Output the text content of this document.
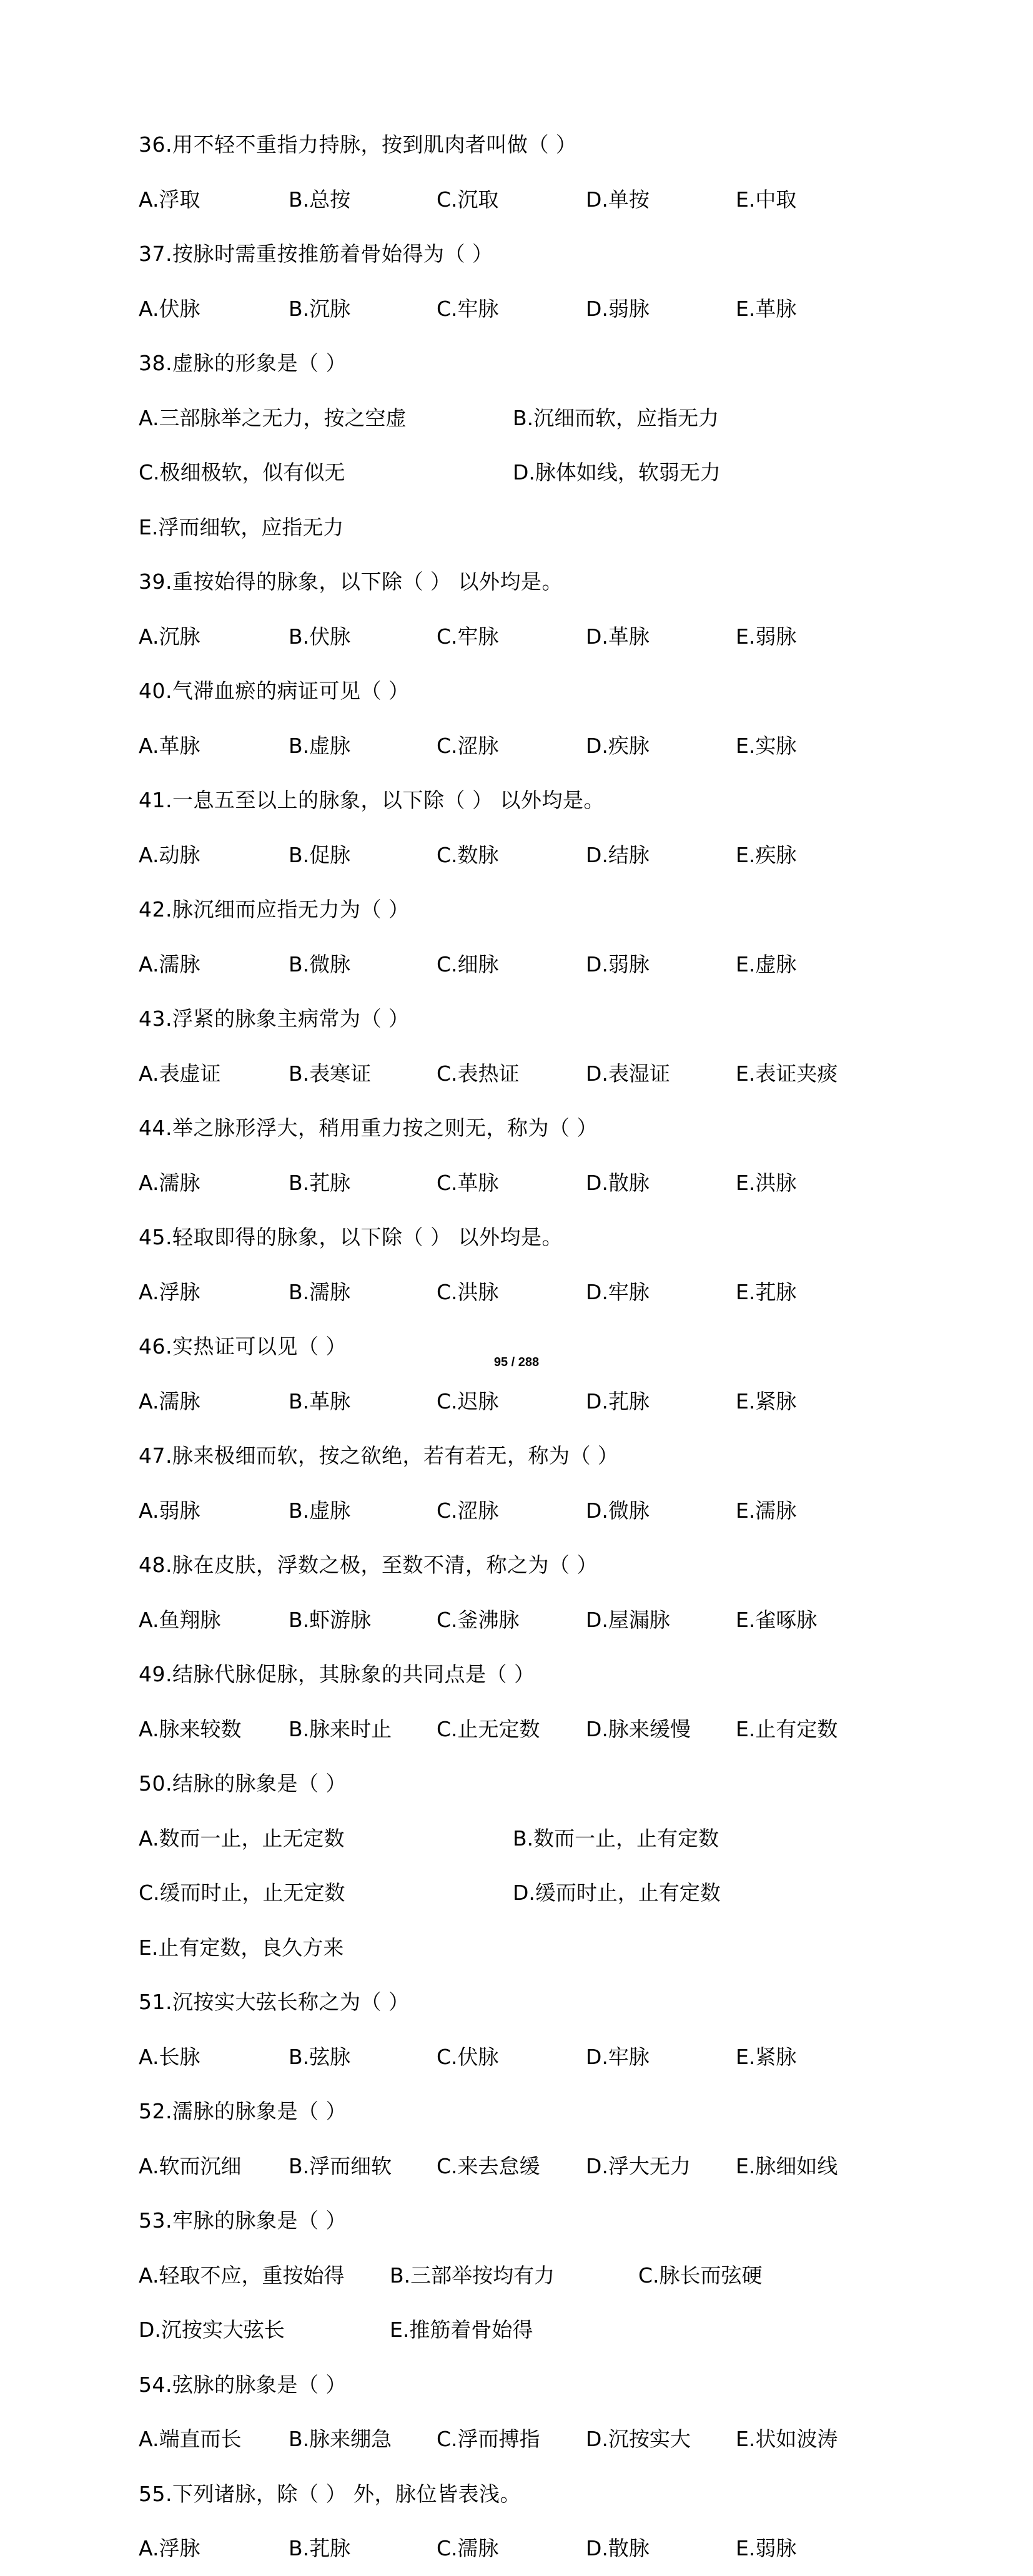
36.用不轻不重指力持脉，按到肌肉者叫做（ ）
A.浮取	B.总按	C.沉取	D.单按	E.中取
37.按脉时需重按推筋着骨始得为（ ）
A.伏脉	B.沉脉	C.牢脉	D.弱脉	E.革脉
38.虚脉的形象是（ ）
A.三部脉举之无力，按之空虚	B.沉细而软，应指无力
C.极细极软，似有似无	D.脉体如线，软弱无力
E.浮而细软，应指无力
39.重按始得的脉象，以下除（ ） 以外均是。
A.沉脉	B.伏脉	C.牢脉	D.革脉	E.弱脉
40.气滞血瘀的病证可见（ ）
A.革脉	B.虚脉	C.涩脉	D.疾脉	E.实脉
41.一息五至以上的脉象，以下除（ ） 以外均是。
A.动脉	B.促脉	C.数脉	D.结脉	E.疾脉
42.脉沉细而应指无力为（ ）
A.濡脉	B.微脉	C.细脉	D.弱脉	E.虚脉
43.浮紧的脉象主病常为（ ）
A.表虚证	B.表寒证	C.表热证	D.表湿证	E.表证夹痰
44.举之脉形浮大，稍用重力按之则无，称为（ ）
A.濡脉	B.芤脉	C.革脉	D.散脉	E.洪脉
45.轻取即得的脉象，以下除（ ） 以外均是。
A.浮脉	B.濡脉	C.洪脉	D.牢脉	E.芤脉
46.实热证可以见（ ）
A.濡脉	B.革脉	C.迟脉	D.芤脉	E.紧脉
47.脉来极细而软，按之欲绝，若有若无，称为（ ）
A.弱脉	B.虚脉	C.涩脉	D.微脉	E.濡脉
48.脉在皮肤，浮数之极，至数不清，称之为（ ）
A.鱼翔脉	B.虾游脉	C.釜沸脉	D.屋漏脉	E.雀啄脉
49.结脉代脉促脉，其脉象的共同点是（ ）
A.脉来较数 B.脉来时止 C.止无定数 D.脉来缓慢 E.止有定数
50.结脉的脉象是（ ）
A.数而一止，止无定数	B.数而一止，止有定数
C.缓而时止，止无定数	D.缓而时止，止有定数
E.止有定数，良久方来
51.沉按实大弦长称之为（ ）
A.长脉	B.弦脉	C.伏脉	D.牢脉	E.紧脉
52.濡脉的脉象是（ ）
A.软而沉细 B.浮而细软 C.来去怠缓 D.浮大无力 E.脉细如线
53.牢脉的脉象是（ ）
A.轻取不应，重按始得 B.三部举按均有力	C.脉长而弦硬
D.沉按实大弦长	E.推筋着骨始得
54.弦脉的脉象是（ ）
A.端直而长 B.脉来绷急 C.浮而搏指 D.沉按实大 E.状如波涛
55.下列诸脉，除（ ） 外，脉位皆表浅。
A.浮脉	B.芤脉	C.濡脉	D.散脉	E.弱脉
95 / 288
